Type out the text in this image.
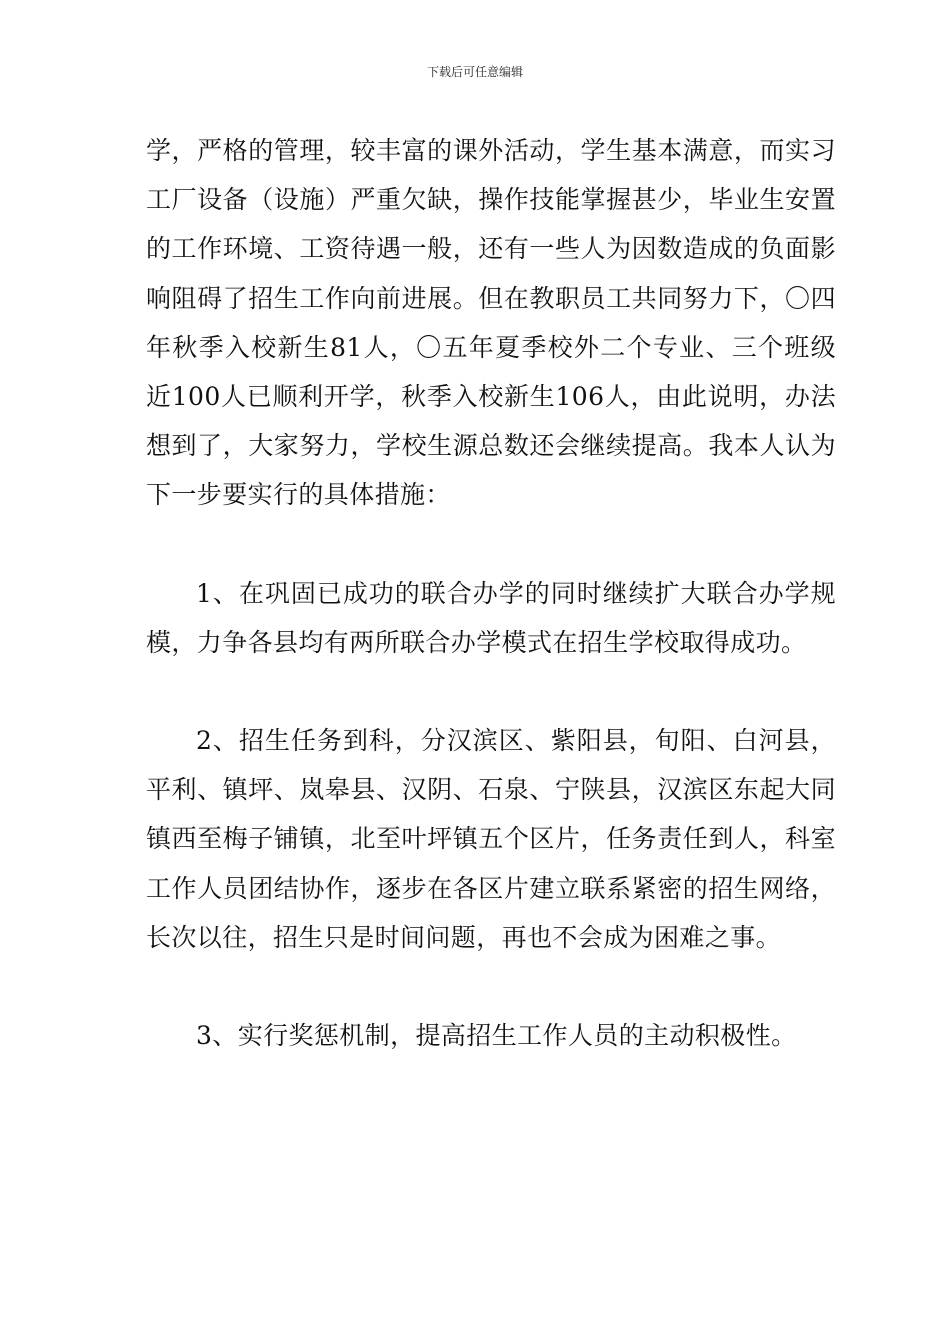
下载后可任意编辑

学，严格的管理，较丰富的课外活动，学生基本满意，而实习工厂设备（设施）严重欠缺，操作技能掌握甚少，毕业生安置的工作环境、工资待遇一般，还有一些人为因数造成的负面影响阻碍了招生工作向前进展。但在教职员工共同努力下，〇四年秋季入校新生81人，〇五年夏季校外二个专业、三个班级近100人已顺利开学，秋季入校新生106人，由此说明，办法想到了，大家努力，学校生源总数还会继续提高。我本人认为下一步要实行的具体措施：

1、在巩固已成功的联合办学的同时继续扩大联合办学规模，力争各县均有两所联合办学模式在招生学校取得成功。

2、招生任务到科，分汉滨区、紫阳县，旬阳、白河县，平利、镇坪、岚皋县、汉阴、石泉、宁陕县，汉滨区东起大同镇西至梅子铺镇，北至叶坪镇五个区片，任务责任到人，科室工作人员团结协作，逐步在各区片建立联系紧密的招生网络，长次以往，招生只是时间问题，再也不会成为困难之事。

3、实行奖惩机制，提高招生工作人员的主动积极性。
